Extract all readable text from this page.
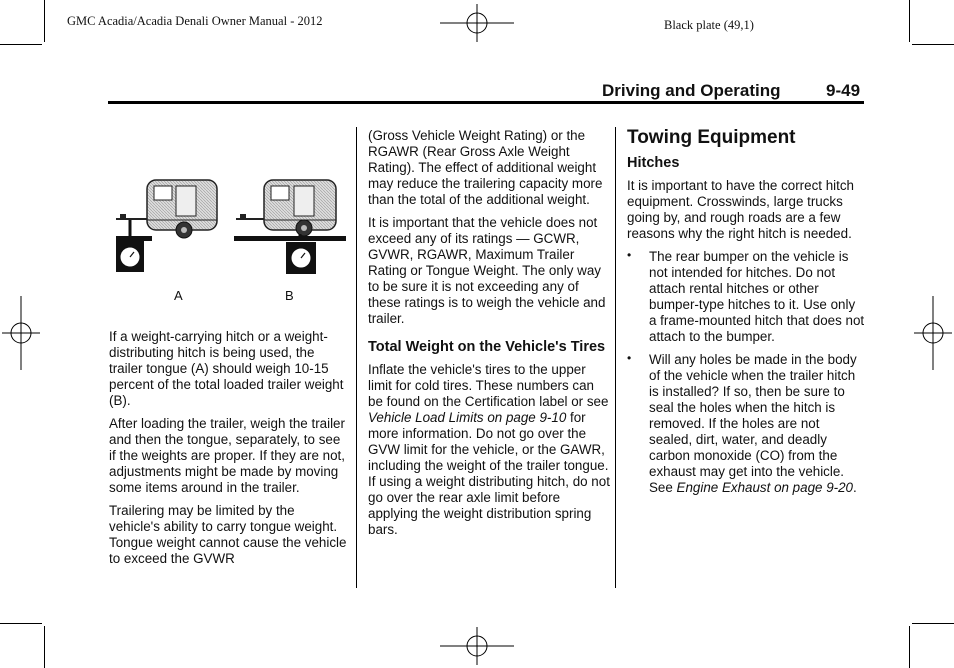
GMC Acadia/Acadia Denali Owner Manual - 2012	Black plate (49,1)
Driving and Operating	9-49
A	B

If a weight-carrying hitch or a weight-distributing hitch is being used, the trailer tongue (A) should weigh 10-15 percent of the total loaded trailer weight (B).

After loading the trailer, weigh the trailer and then the tongue, separately, to see if the weights are proper. If they are not, adjustments might be made by moving some items around in the trailer.

Trailering may be limited by the vehicle's ability to carry tongue weight. Tongue weight cannot cause the vehicle to exceed the GVWR

(Gross Vehicle Weight Rating) or the RGAWR (Rear Gross Axle Weight Rating). The effect of additional weight may reduce the trailering capacity more than the total of the additional weight.

It is important that the vehicle does not exceed any of its ratings — GCWR, GVWR, RGAWR, Maximum Trailer Rating or Tongue Weight. The only way to be sure it is not exceeding any of these ratings is to weigh the vehicle and trailer.

Total Weight on the Vehicle's Tires

Inflate the vehicle's tires to the upper limit for cold tires. These numbers can be found on the Certification label or see Vehicle Load Limits on page 9-10 for more information. Do not go over the GVW limit for the vehicle, or the GAWR, including the weight of the trailer tongue. If using a weight distributing hitch, do not go over the rear axle limit before applying the weight distribution spring bars.

Towing Equipment
Hitches

It is important to have the correct hitch equipment. Crosswinds, large trucks going by, and rough roads are a few reasons why the right hitch is needed.

• The rear bumper on the vehicle is not intended for hitches. Do not attach rental hitches or other bumper-type hitches to it. Use only a frame-mounted hitch that does not attach to the bumper.
• Will any holes be made in the body of the vehicle when the trailer hitch is installed? If so, then be sure to seal the holes when the hitch is removed. If the holes are not sealed, dirt, water, and deadly carbon monoxide (CO) from the exhaust may get into the vehicle. See Engine Exhaust on page 9-20.
